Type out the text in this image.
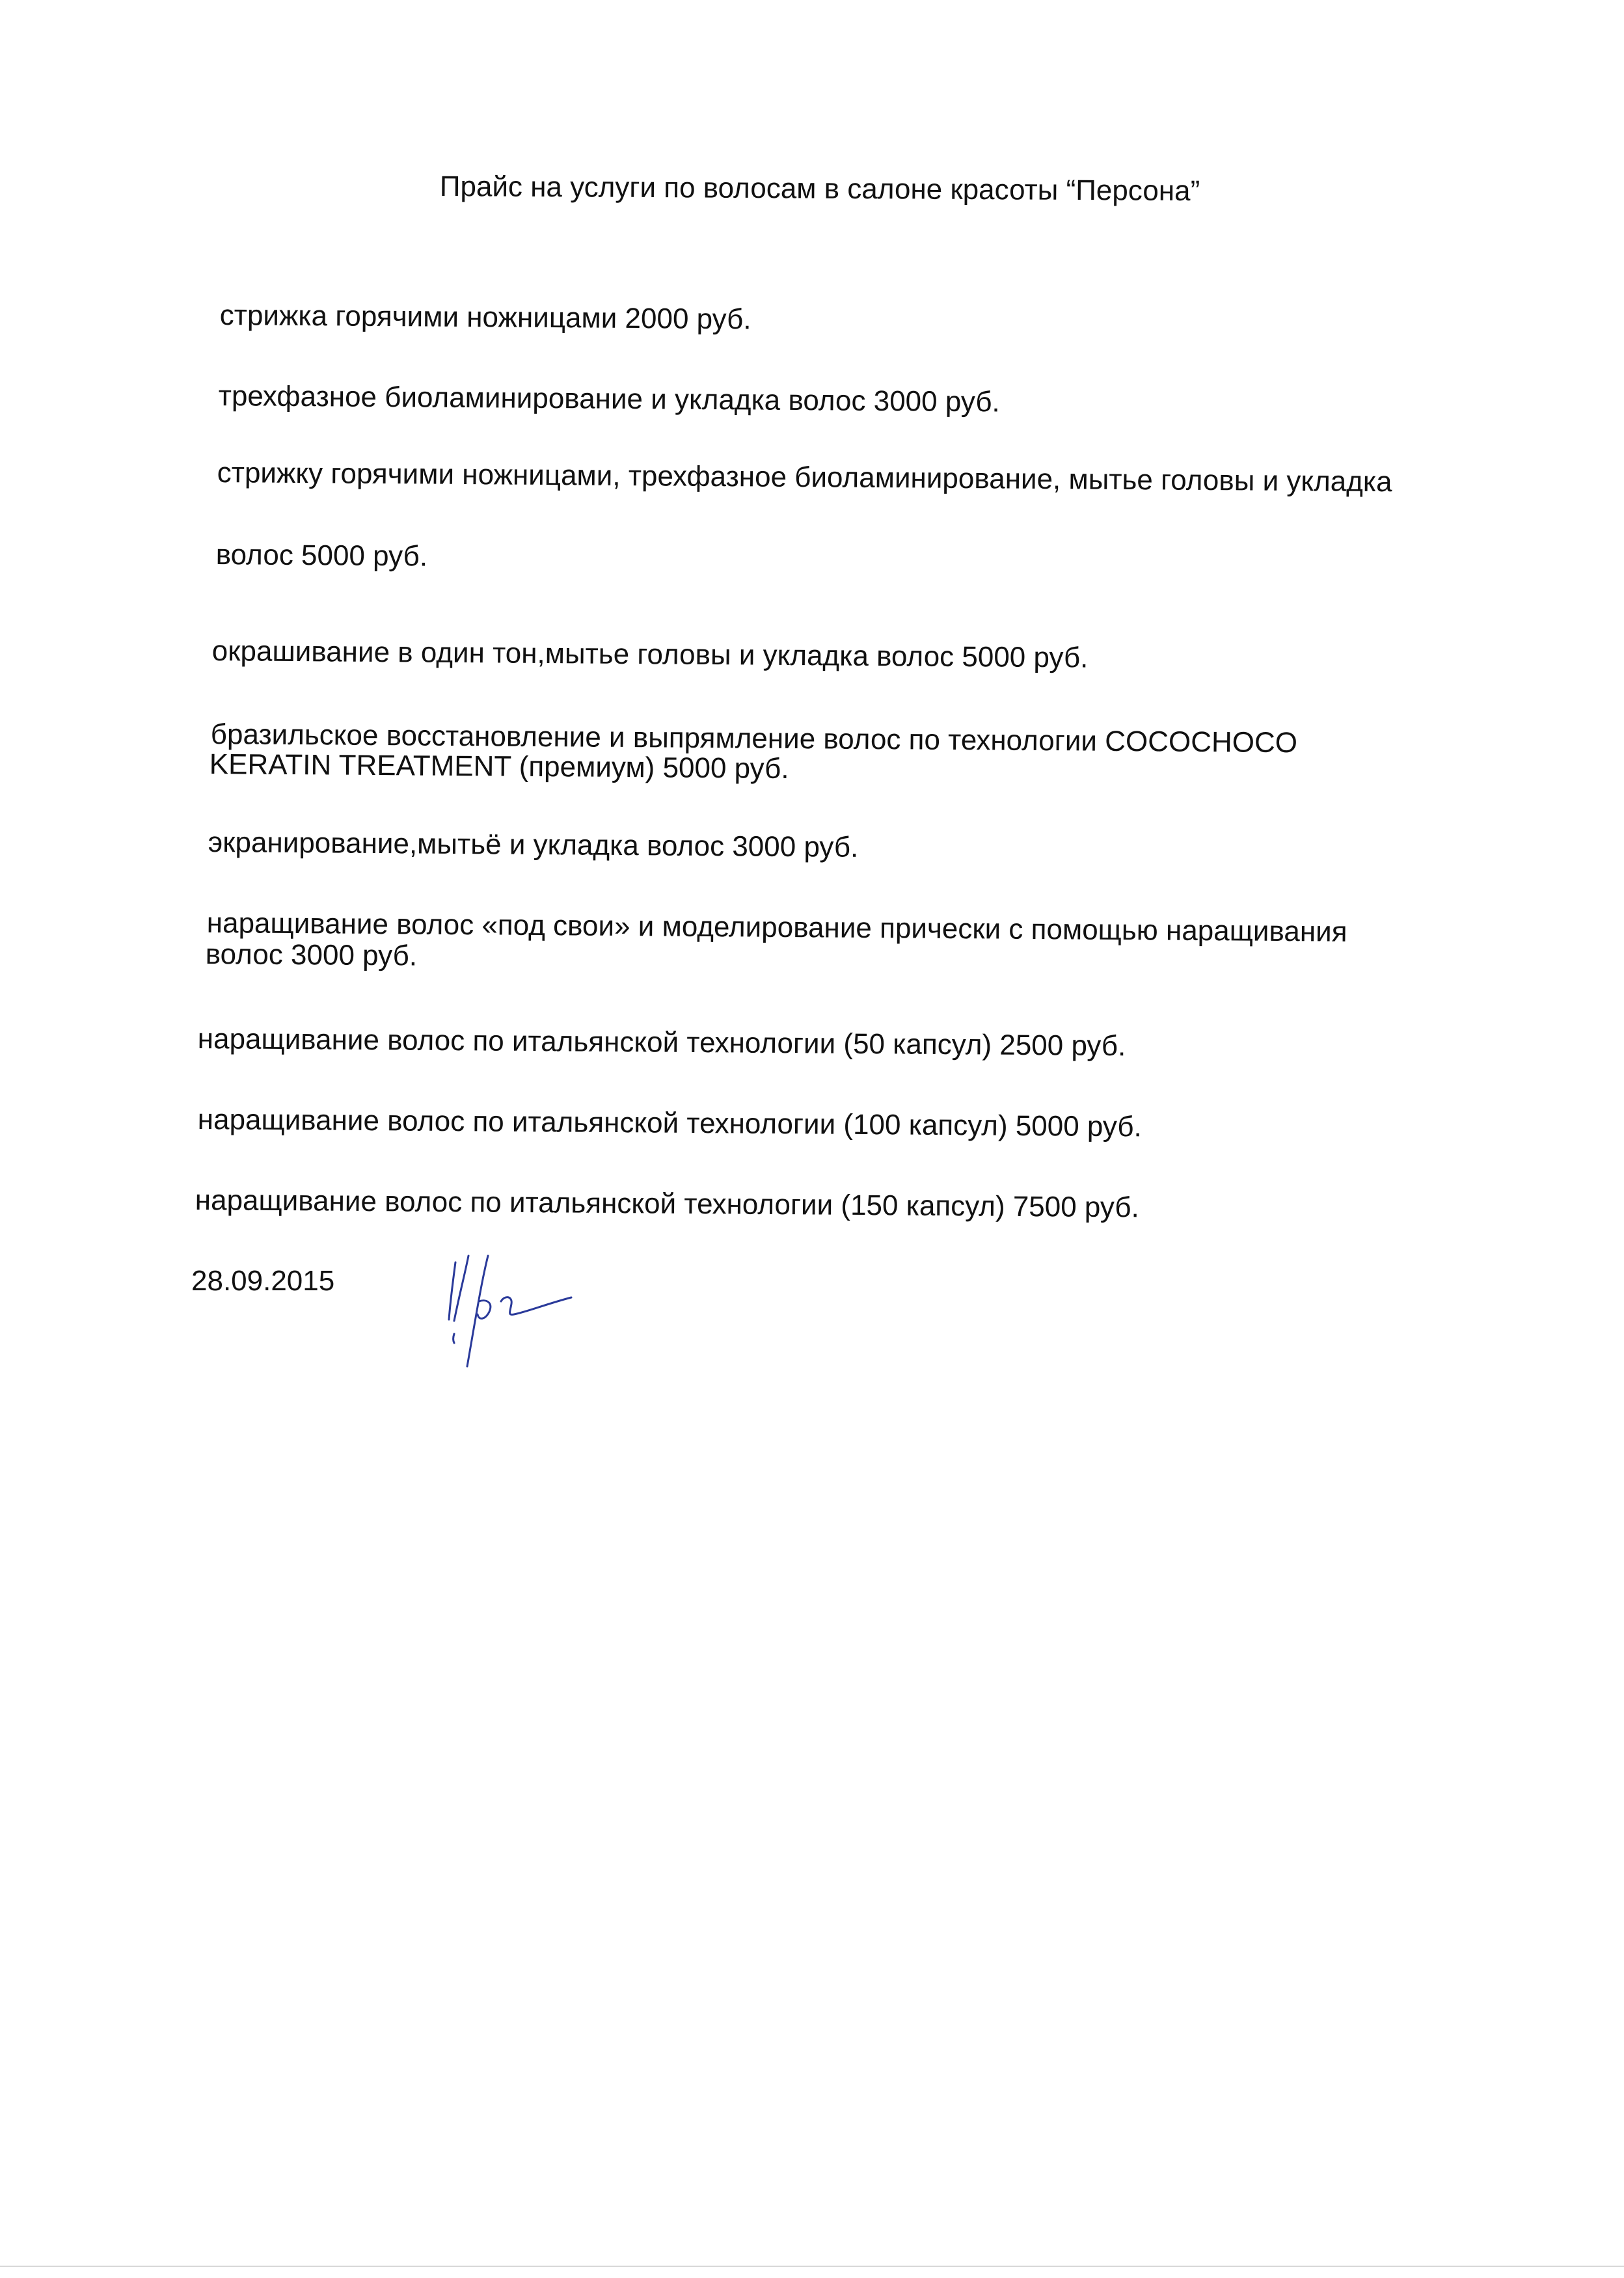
Прайс на услуги по волосам в салоне красоты “Персона”
стрижка горячими ножницами 2000 руб.
трехфазное биоламинирование и укладка волос 3000 руб.
стрижку горячими ножницами, трехфазное биоламинирование, мытье головы и укладка
волос 5000 руб.
окрашивание в один тон,мытье головы и укладка волос 5000 руб.
бразильское восстановление и выпрямление волос по технологии COCOCHOCO
KERATIN TREATMENT (премиум) 5000 руб.
экранирование,мытьё и укладка волос 3000 руб.
наращивание волос «под свои» и моделирование прически с помощью наращивания
волос 3000 руб.
наращивание волос по итальянской технологии (50 капсул) 2500 руб.
наращивание волос по итальянской технологии (100 капсул) 5000 руб.
наращивание волос по итальянской технологии (150 капсул) 7500 руб.
28.09.2015
